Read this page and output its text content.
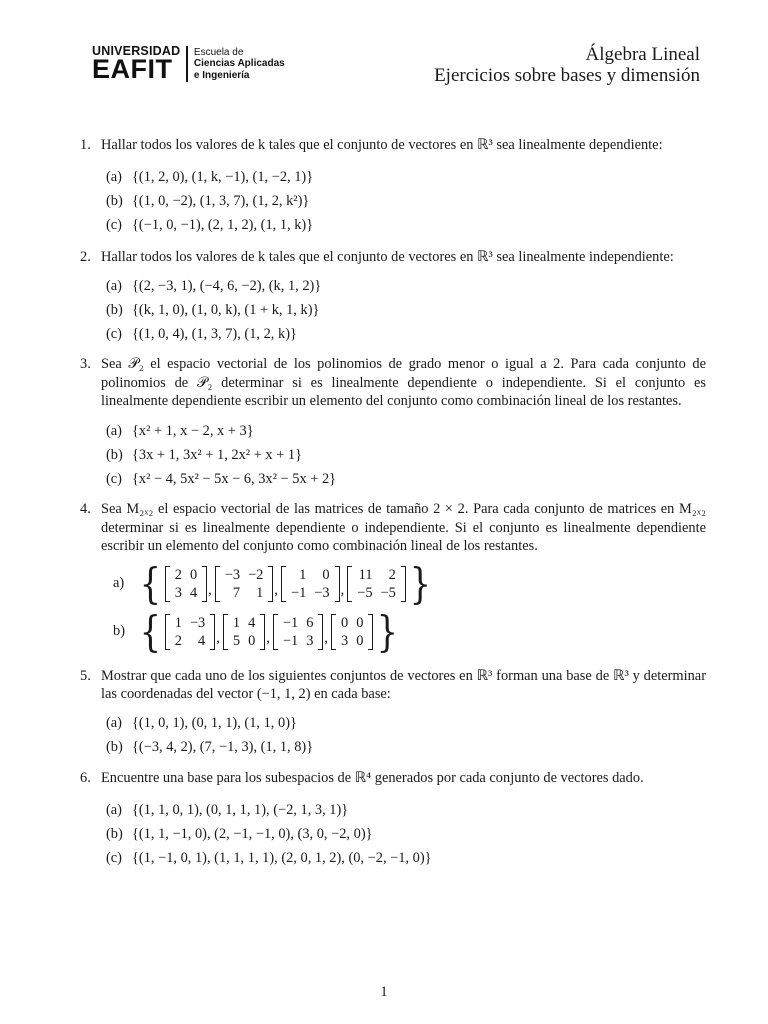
UNIVERSIDAD
EAFIT
Escuela de
Ciencias Aplicadas
e Ingeniería
Álgebra Lineal
Ejercicios sobre bases y dimensión
1. Hallar todos los valores de k tales que el conjunto de vectores en ℝ³ sea linealmente dependiente:

(a) {(1, 2, 0), (1, k, −1), (1, −2, 1)}
(b) {(1, 0, −2), (1, 3, 7), (1, 2, k²)}
(c) {(−1, 0, −1), (2, 1, 2), (1, 1, k)}
2. Hallar todos los valores de k tales que el conjunto de vectores en ℝ³ sea linealmente independiente:

(a) {(2, −3, 1), (−4, 6, −2), (k, 1, 2)}
(b) {(k, 1, 0), (1, 0, k), (1 + k, 1, k)}
(c) {(1, 0, 4), (1, 3, 7), (1, 2, k)}
3. Sea 𝒫₂ el espacio vectorial de los polinomios de grado menor o igual a 2. Para cada conjunto de polinomios de 𝒫₂ determinar si es linealmente dependiente o independiente. Si el conjunto es linealmente dependiente escribir un elemento del conjunto como combinación lineal de los restantes.

(a) {x² + 1, x − 2, x + 3}
(b) {3x + 1, 3x² + 1, 2x² + x + 1}
(c) {x² − 4, 5x² − 5x − 6, 3x² − 5x + 2}
4. Sea M₂ₓ₂ el espacio vectorial de las matrices de tamaño 2 × 2. Para cada conjunto de matrices en M₂ₓ₂ determinar si es linealmente dependiente o independiente. Si el conjunto es linealmente dependiente escribir un elemento del conjunto como combinación lineal de los restantes.

a) { 2	0
3	4 ,
−3	−2
7	1 ,
1	0
−1	−3 ,
11	2
−5	−5 }
b) { 1	−3
2	4 ,
1	4
5	0 ,
−1	6
−1	3 ,
0	0
3	0 }
5. Mostrar que cada uno de los siguientes conjuntos de vectores en ℝ³ forman una base de ℝ³ y determinar las coordenadas del vector (−1, 1, 2) en cada base:

(a) {(1, 0, 1), (0, 1, 1), (1, 1, 0)}
(b) {(−3, 4, 2), (7, −1, 3), (1, 1, 8)}
6. Encuentre una base para los subespacios de ℝ⁴ generados por cada conjunto de vectores dado.

(a) {(1, 1, 0, 1), (0, 1, 1, 1), (−2, 1, 3, 1)}
(b) {(1, 1, −1, 0), (2, −1, −1, 0), (3, 0, −2, 0)}
(c) {(1, −1, 0, 1), (1, 1, 1, 1), (2, 0, 1, 2), (0, −2, −1, 0)}
1
